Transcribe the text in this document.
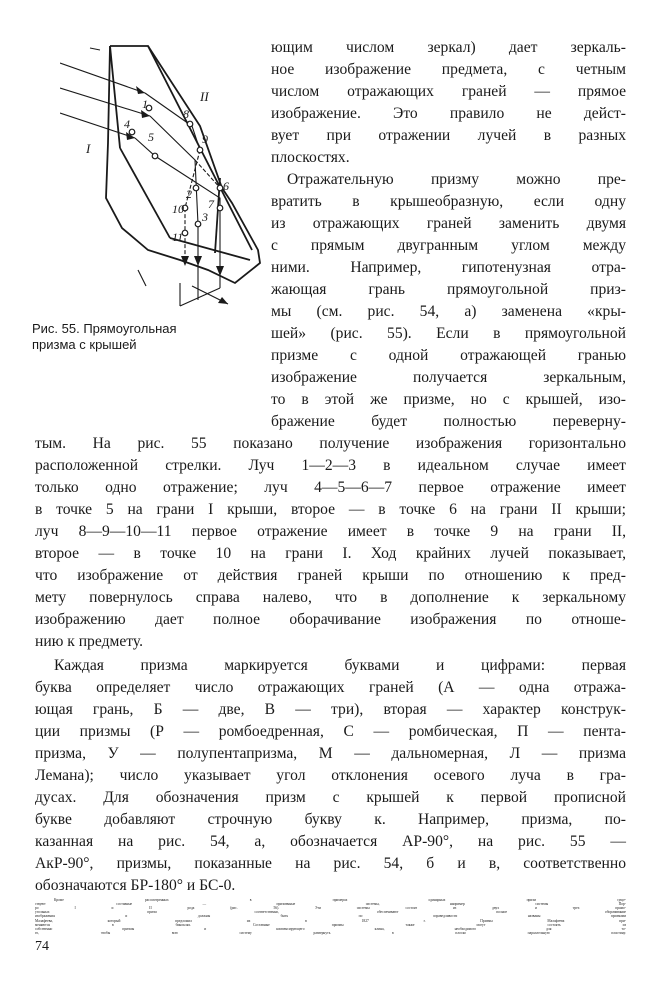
1
4
5
8
9
2
6
10
3
7
11
I
II
Рис. 55. Прямоугольная
призма с крышей
ющим числом зеркал) дает зеркаль-
ное изображение предмета, с четным
числом отражающих граней — прямое
изображение. Это правило не дейст-
вует при отражении лучей в разных
плоскостях.
Отражательную призму можно пре-
вратить в крышеобразную, если одну
из отражающих граней заменить двумя
с прямым двугранным углом между
ними. Например, гипотенузная отра-
жающая грань прямоугольной приз-
мы (см. рис. 54, а) заменена «кры-
шей» (рис. 55). Если в прямоугольной
призме с одной отражающей гранью
изображение получается зеркальным,
то в этой же призме, но с крышей, изо-
бражение будет полностью переверну-
тым. На рис. 55 показано получение изображения горизонтально
расположенной стрелки. Луч 1—2—3 в идеальном случае имеет
только одно отражение; луч 4—5—6—7 первое отражение имеет
в точке 5 на грани I крыши, второе — в точке 6 на грани II крыши;
луч 8—9—10—11 первое отражение имеет в точке 9 на грани II,
второе — в точке 10 на грани I. Ход крайних лучей показывает,
что изображение от действия граней крыши по отношению к пред-
мету повернулось справа налево, что в дополнение к зеркальному
изображению дает полное оборачивание изображения по отноше-
нию к предмету.
Каждая призма маркируется буквами и цифрами: первая
буква определяет число отражающих граней (А — одна отража-
ющая грань, Б — две, В — три), вторая — характер конструк-
ции призмы (Р — ромбоедренная, С — ромбическая, П — пента-
призма, У — полупентапризма, М — дальномерная, Л — призма
Лемана); число указывает угол отклонения осевого луча в гра-
дусах. Для обозначения призм с крышей к первой прописной
букве добавляют строчную букву к. Например, призма, по-
казанная на рис. 54, а, обозначается АР-90°, на рис. 55 —
АкР-90°, призмы, показанные на рис. 54, б и в, соответственно
обозначаются БР-180° и БС-0.
Кроме рассмотренных в примерах одинарных призм суще-
ствуют составные — призменные системы, например системы Пор-
ро I и II рода (рис. 56). Эти системы состоят из двух и трех прямо-
угольных призм соответственно, обеспечивают полное оборачивание
изображения и должны быть по справедливости названы призмами
Малафеева, который предложил их в 1827 г. Призмы Малафеева при-
меняются в биноклях. Составные призмы также могут состоять из
собственно призмы и компенсирующего клина, необходимого для то-
го, чтобы всю систему развернуть в плоско параллельную пластину.
74
